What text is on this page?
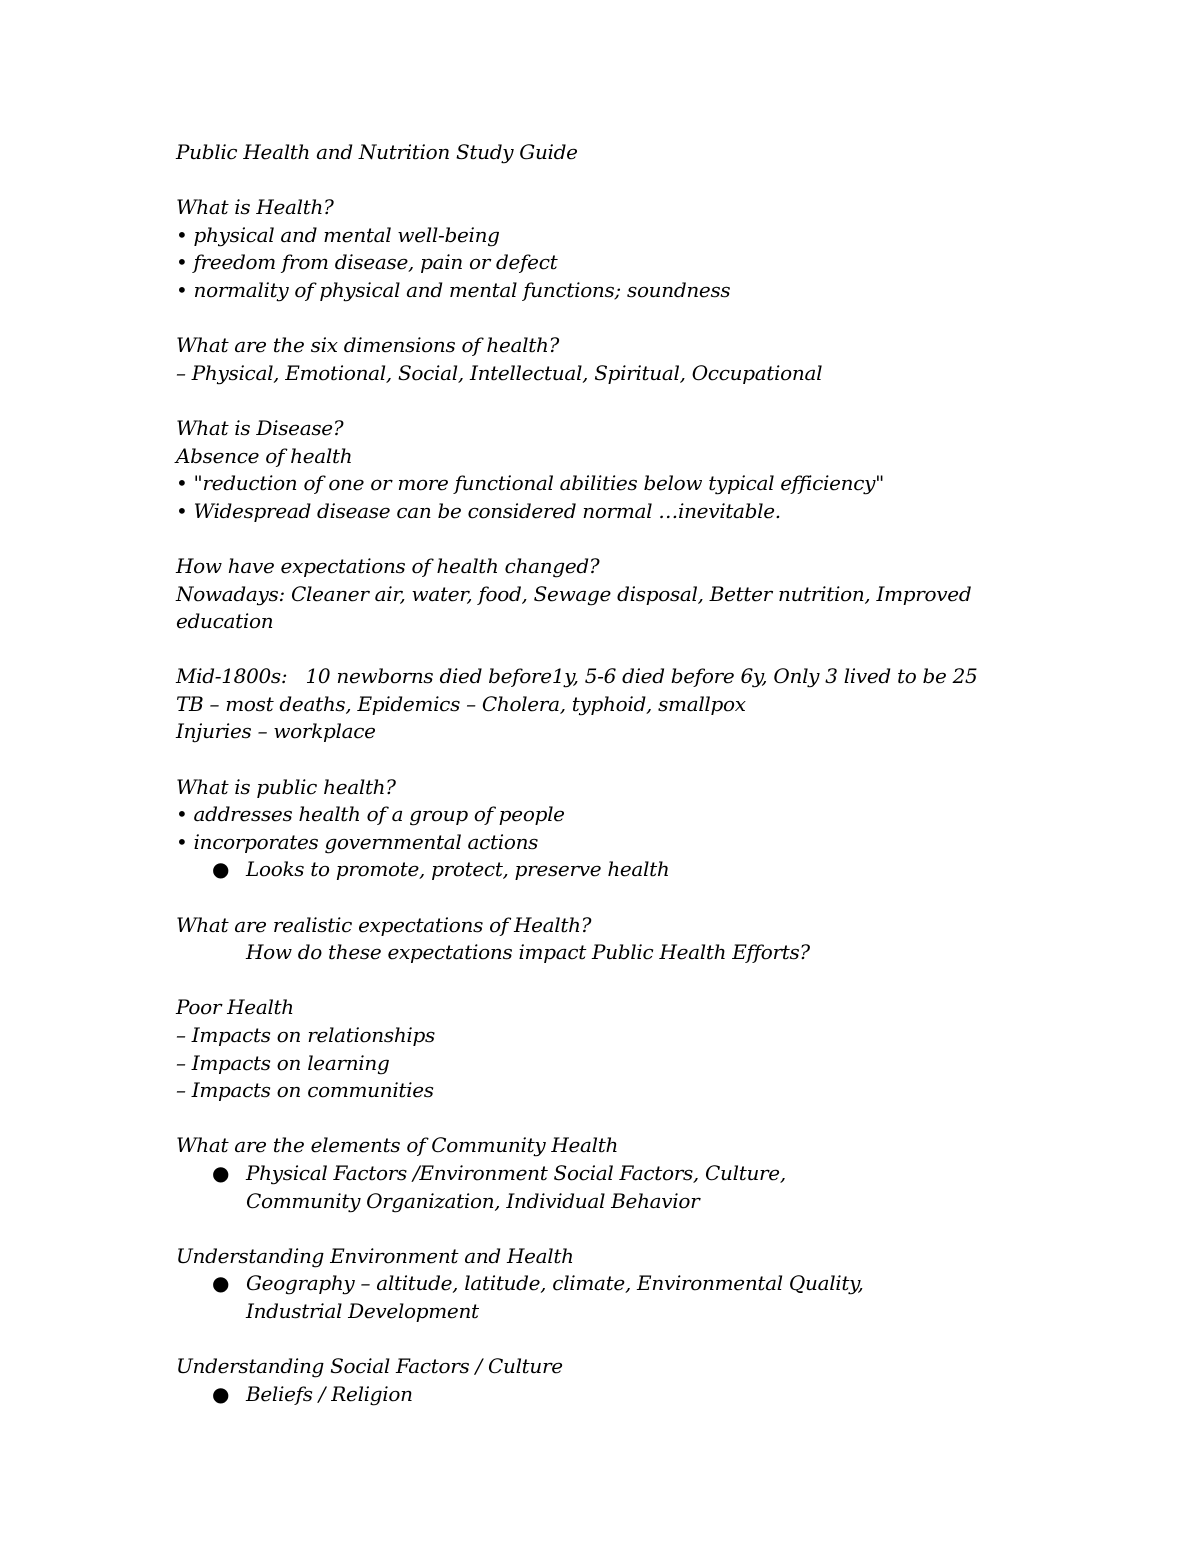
Public Health and Nutrition Study Guide
What is Health?
• physical and mental well-being
• freedom from disease, pain or defect
• normality of physical and mental functions; soundness
What are the six dimensions of health?
– Physical, Emotional, Social, Intellectual, Spiritual, Occupational
What is Disease?
Absence of health
• "reduction of one or more functional abilities below typical efficiency"
• Widespread disease can be considered normal …inevitable.
How have expectations of health changed?
Nowadays: Cleaner air, water, food, Sewage disposal, Better nutrition, Improved
education
Mid-1800s:   10 newborns died before1y, 5-6 died before 6y, Only 3 lived to be 25
TB – most deaths, Epidemics – Cholera, typhoid, smallpox
Injuries – workplace
What is public health?
• addresses health of a group of people
• incorporates governmental actions
● Looks to promote, protect, preserve health
What are realistic expectations of Health?
How do these expectations impact Public Health Efforts?
Poor Health
– Impacts on relationships
– Impacts on learning
– Impacts on communities
What are the elements of Community Health
● Physical Factors /Environment Social Factors, Culture, Community Organization, Individual Behavior
Understanding Environment and Health
● Geography – altitude, latitude, climate, Environmental Quality, Industrial Development
Understanding Social Factors / Culture
● Beliefs / Religion
